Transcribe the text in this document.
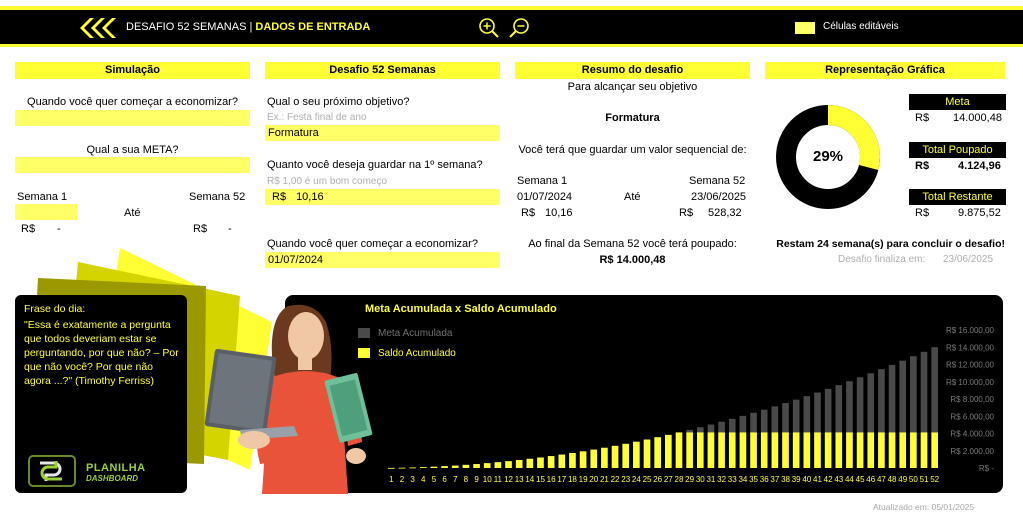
DESAFIO 52 SEMANAS | DADOS DE ENTRADA	Células editáveis
Simulação
Quando você quer começar a economizar?
Qual a sua META?
Semana 1	Semana 52
Até
R$ -	R$ -
Desafio 52 Semanas
Qual o seu próximo objetivo?
Ex.: Festa final de ano
Formatura
Quanto você deseja guardar na 1º semana?
R$ 1,00 é um bom começo
R$ 10,16
Quando você quer começar a economizar?
01/07/2024
Resumo do desafio
Para alcançar seu objetivo
Formatura
Você terá que guardar um valor sequencial de:
Semana 1	Semana 52
01/07/2024	Até	23/06/2025
R$ 10,16	R$ 528,32
Ao final da Semana 52 você terá poupado:
R$ 14.000,48
Representação Gráfica
29%
Meta
R$ 14.000,48
Total Poupado
R$	4.124,96
Total Restante
R$	9.875,52
Restam 24 semana(s) para concluir o desafio!
Desafio finaliza em: 23/06/2025
Frase do dia:
"Essa é exatamente a pergunta que todos deveriam estar se perguntando, por que não? – Por que não você? Por que não agora ...?" (Timothy Ferriss)
PLANILHA
DASHBOARD
Meta Acumulada x Saldo Acumulado
Meta Acumulada
Saldo Acumulado
R$ 16.000,00
R$ 14.000,00
R$ 12.000,00
R$ 10.000,00
R$ 8.000,00
R$ 6.000,00
R$ 4.000,00
R$ 2.000,00
R$ -
1 2 3 4 5 6 7 8 9 10 11 12 13 14 15 16 17 18 19 20 21 22 23 24 25 26 27 28 29 30 31 32 33 34 35 36 37 38 39 40 41 42 43 44 45 46 47 48 49 50 51 52
Atualizado em: 05/01/2025
